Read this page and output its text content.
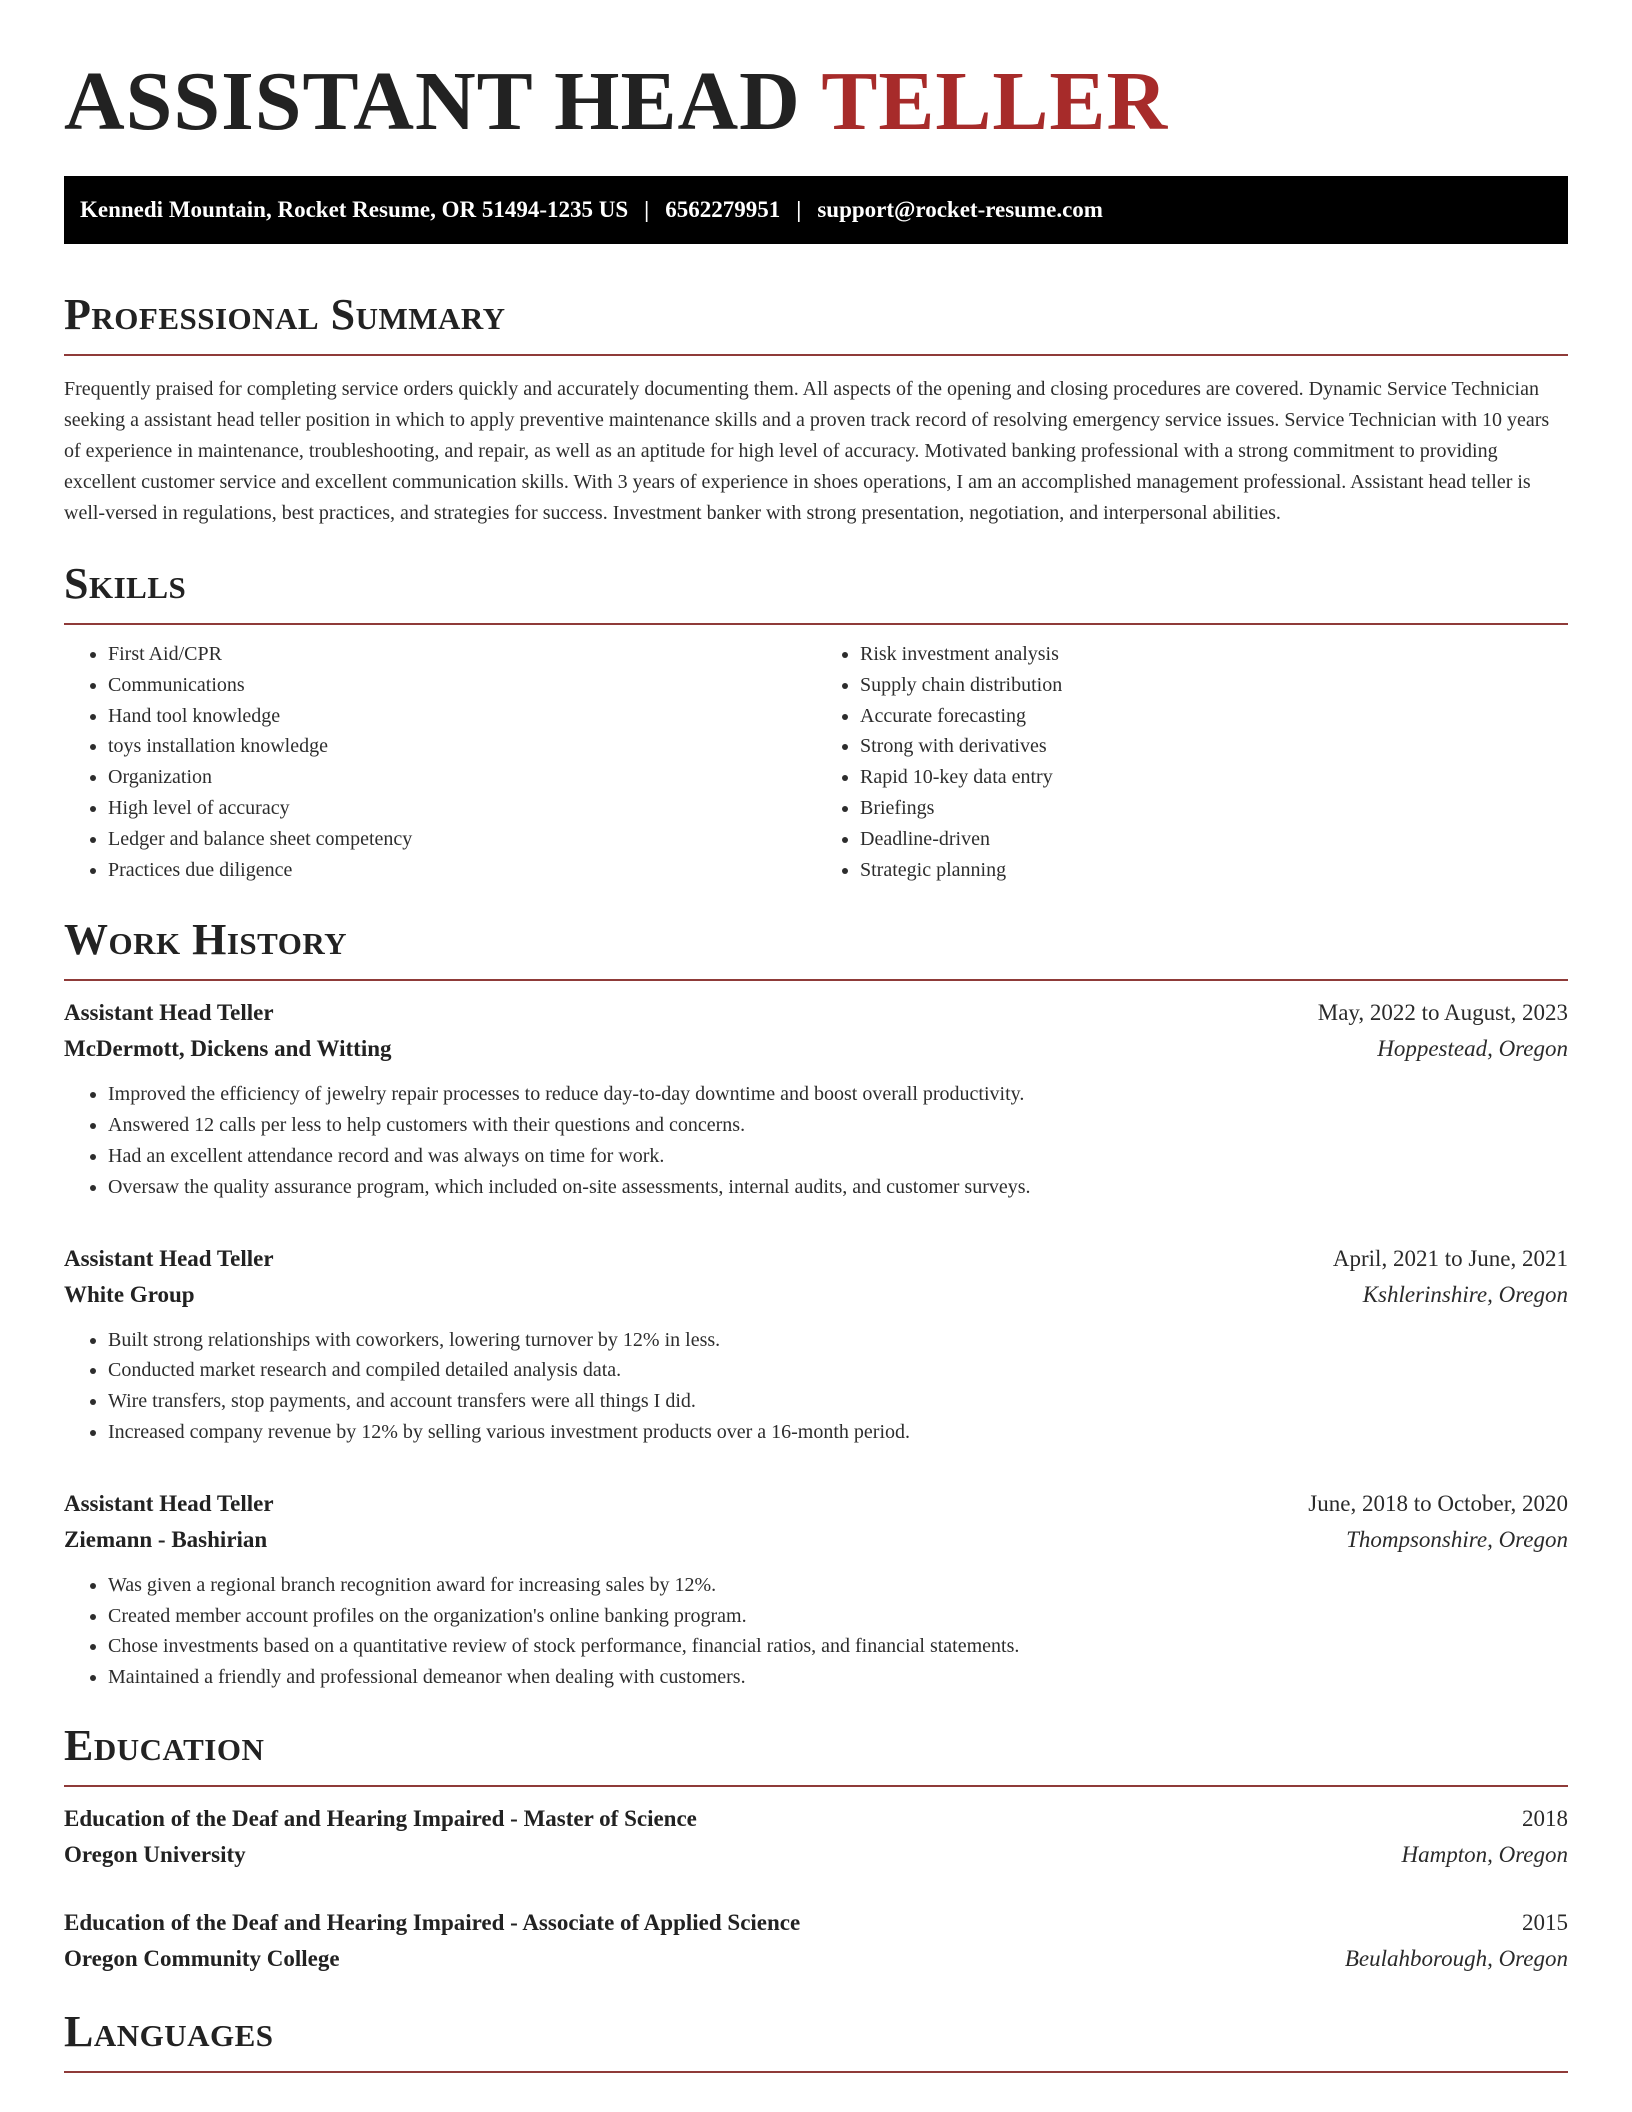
ASSISTANT HEAD TELLER
Kennedi Mountain, Rocket Resume, OR 51494-1235 US | 6562279951 | support@rocket-resume.com
Professional Summary

Frequently praised for completing service orders quickly and accurately documenting them. All aspects of the opening and closing procedures are covered. Dynamic Service Technician seeking a assistant head teller position in which to apply preventive maintenance skills and a proven track record of resolving emergency service issues. Service Technician with 10 years of experience in maintenance, troubleshooting, and repair, as well as an aptitude for high level of accuracy. Motivated banking professional with a strong commitment to providing excellent customer service and excellent communication skills. With 3 years of experience in shoes operations, I am an accomplished management professional. Assistant head teller is well-versed in regulations, best practices, and strategies for success. Investment banker with strong presentation, negotiation, and interpersonal abilities.

Skills
• First Aid/CPR
• Communications
• Hand tool knowledge
• toys installation knowledge
• Organization
• High level of accuracy
• Ledger and balance sheet competency
• Practices due diligence
• Risk investment analysis
• Supply chain distribution
• Accurate forecasting
• Strong with derivatives
• Rapid 10-key data entry
• Briefings
• Deadline-driven
• Strategic planning
Work History
Assistant Head Teller	May, 2022 to August, 2023
McDermott, Dickens and Witting	Hoppestead, Oregon
• Improved the efficiency of jewelry repair processes to reduce day-to-day downtime and boost overall productivity.
• Answered 12 calls per less to help customers with their questions and concerns.
• Had an excellent attendance record and was always on time for work.
• Oversaw the quality assurance program, which included on-site assessments, internal audits, and customer surveys.
Assistant Head Teller	April, 2021 to June, 2021
White Group	Kshlerinshire, Oregon
• Built strong relationships with coworkers, lowering turnover by 12% in less.
• Conducted market research and compiled detailed analysis data.
• Wire transfers, stop payments, and account transfers were all things I did.
• Increased company revenue by 12% by selling various investment products over a 16-month period.
Assistant Head Teller	June, 2018 to October, 2020
Ziemann - Bashirian	Thompsonshire, Oregon
• Was given a regional branch recognition award for increasing sales by 12%.
• Created member account profiles on the organization's online banking program.
• Chose investments based on a quantitative review of stock performance, financial ratios, and financial statements.
• Maintained a friendly and professional demeanor when dealing with customers.
Education
Education of the Deaf and Hearing Impaired - Master of Science	2018
Oregon University	Hampton, Oregon
Education of the Deaf and Hearing Impaired - Associate of Applied Science	2015
Oregon Community College	Beulahborough, Oregon
Languages
